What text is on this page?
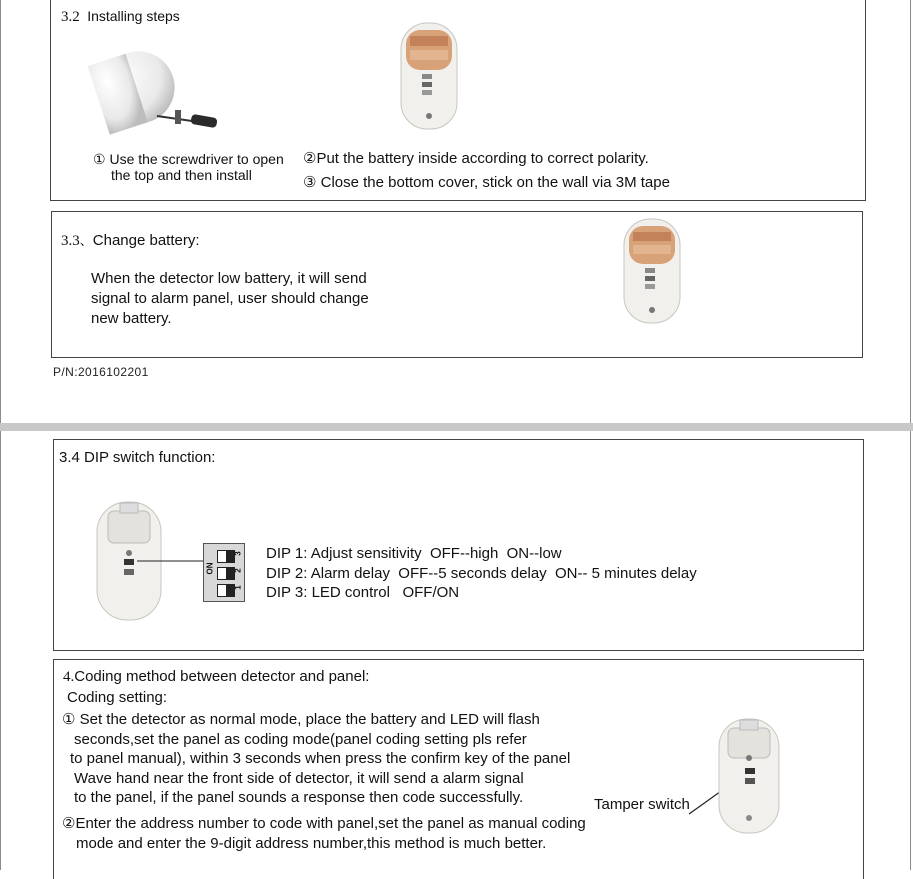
3.2 Installing steps
① Use the screwdriver to open
the top and then install
②Put the battery inside according to correct polarity.
③ Close the bottom cover, stick on the wall via 3M tape
3.3、Change battery:
When the detector low battery, it will send
signal to alarm panel, user should change
new battery.
P/N:2016102201
3.4 DIP switch function:
ON
3
2
1
DIP 1: Adjust sensitivity  OFF--high  ON--low
DIP 2: Alarm delay  OFF--5 seconds delay  ON-- 5 minutes delay
DIP 3: LED control   OFF/ON
4.Coding method between detector and panel:
Coding setting:
① Set the detector as normal mode, place the battery and LED will flash
seconds,set the panel as coding mode(panel coding setting pls refer
to panel manual), within 3 seconds when press the confirm key of the panel
Wave hand near the front side of detector, it will send a alarm signal
to the panel, if the panel sounds a response then code successfully.
②Enter the address number to code with panel,set the panel as manual coding
mode and enter the 9-digit address number,this method is much better.
Tamper switch
